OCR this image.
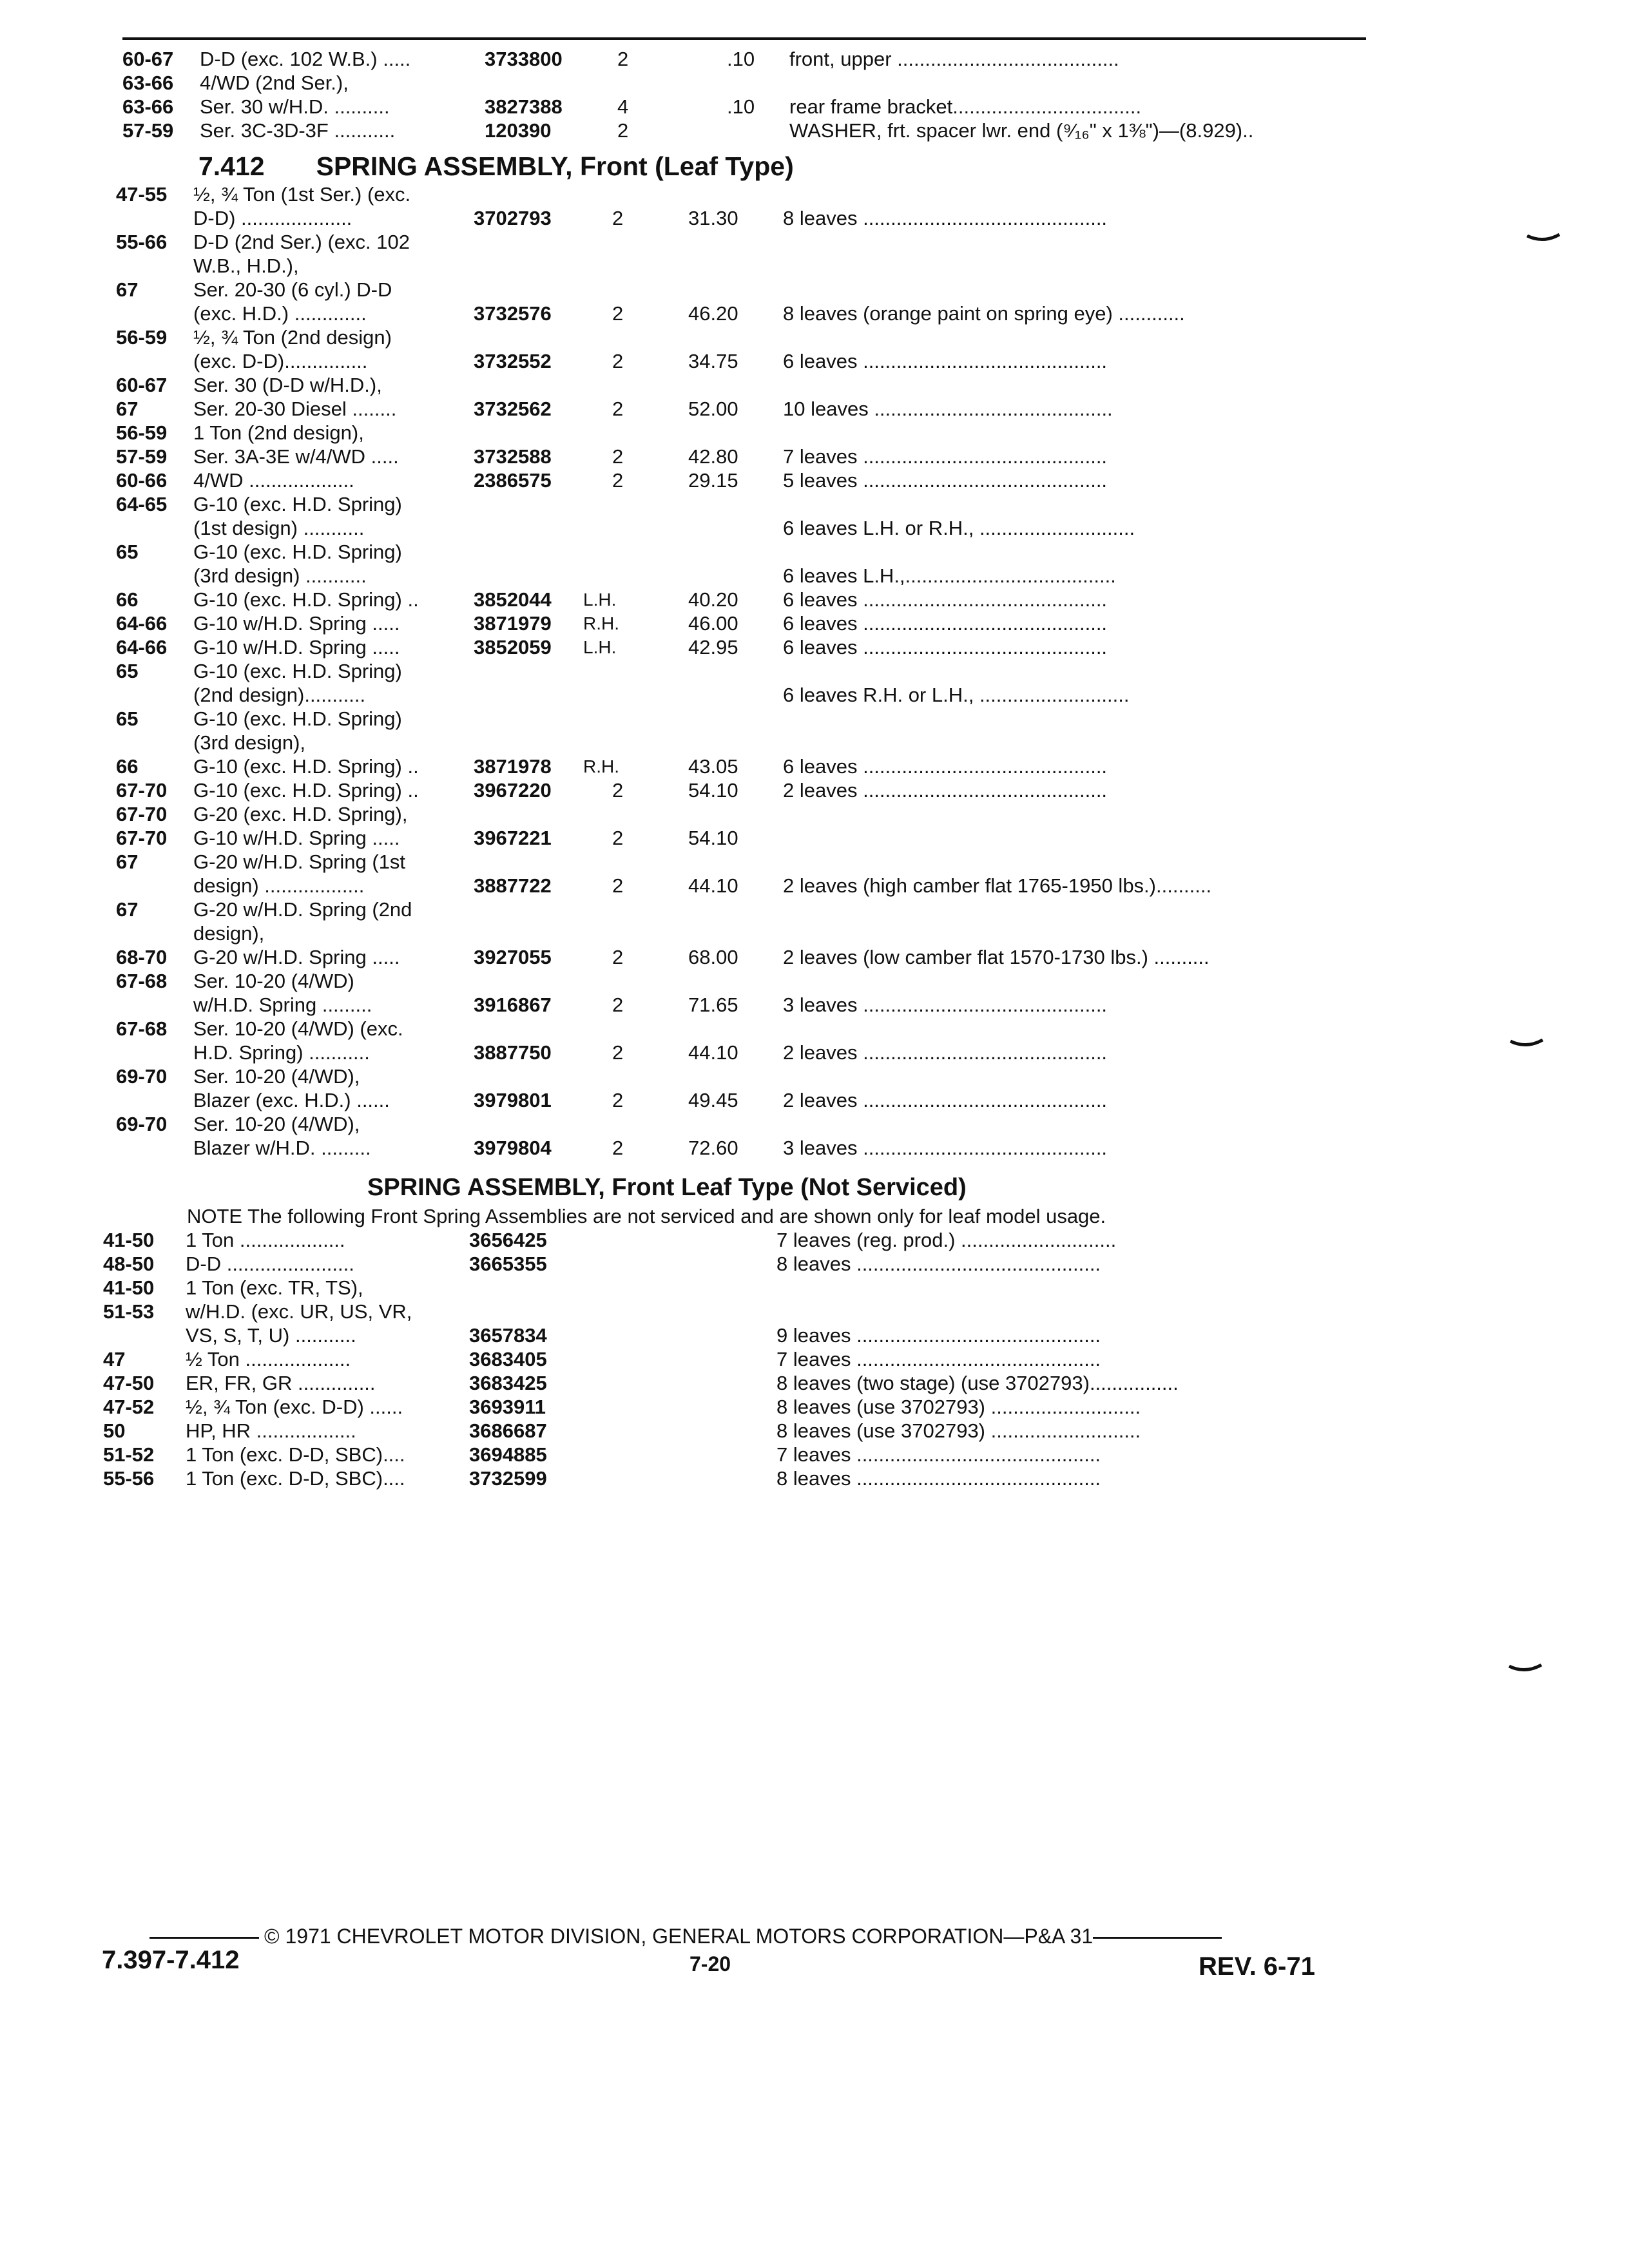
60-67 D-D (exc. 102 W.B.) .....	3733800	2	.10 front, upper ........................................
63-66 4/WD (2nd Ser.),
63-66 Ser. 30 w/H.D. ..........	3827388	4	.10 rear frame bracket..................................
57-59 Ser. 3C-3D-3F ...........	120390	2	WASHER, frt. spacer lwr. end (⁹⁄₁₆" x 1⅜")—(8.929)..
7.412 SPRING ASSEMBLY, Front (Leaf Type)
47-55 ½, ¾ Ton (1st Ser.) (exc.
D-D) ....................	3702793	2	31.30 8 leaves ............................................
55-66 D-D (2nd Ser.) (exc. 102
W.B., H.D.),
67	Ser. 20-30 (6 cyl.) D-D
(exc. H.D.) .............	3732576	2	46.20 8 leaves (orange paint on spring eye) ............
56-59 ½, ¾ Ton (2nd design)
(exc. D-D)...............	3732552	2	34.75 6 leaves ............................................
60-67 Ser. 30 (D-D w/H.D.),
67	Ser. 20-30 Diesel ........	3732562	2	52.00 10 leaves ...........................................
56-59 1 Ton (2nd design),
57-59 Ser. 3A-3E w/4/WD .....	3732588	2	42.80 7 leaves ............................................
60-66 4/WD ...................	2386575	2	29.15 5 leaves ............................................
64-65 G-10 (exc. H.D. Spring)
(1st design) ...........	6 leaves L.H. or R.H., ............................
65	G-10 (exc. H.D. Spring)
(3rd design) ...........	6 leaves L.H.,......................................
66	G-10 (exc. H.D. Spring) ..	3852044 L.H.	40.20 6 leaves ............................................
64-66 G-10 w/H.D. Spring .....	3871979 R.H.	46.00 6 leaves ............................................
64-66 G-10 w/H.D. Spring .....	3852059 L.H.	42.95 6 leaves ............................................
65	G-10 (exc. H.D. Spring)
(2nd design)...........	6 leaves R.H. or L.H., ...........................
65	G-10 (exc. H.D. Spring)
(3rd design),
66	G-10 (exc. H.D. Spring) ..	3871978 R.H.	43.05 6 leaves ............................................
67-70 G-10 (exc. H.D. Spring) ..	3967220	2	54.10 2 leaves ............................................
67-70 G-20 (exc. H.D. Spring),
67-70 G-10 w/H.D. Spring .....	3967221	2	54.10
67	G-20 w/H.D. Spring (1st
design) ..................	3887722	2	44.10 2 leaves (high camber flat 1765-1950 lbs.)..........
67	G-20 w/H.D. Spring (2nd
design),
68-70 G-20 w/H.D. Spring .....	3927055	2	68.00 2 leaves (low camber flat 1570-1730 lbs.) ..........
67-68 Ser. 10-20 (4/WD)
w/H.D. Spring .........	3916867	2	71.65 3 leaves ............................................
67-68 Ser. 10-20 (4/WD) (exc.
H.D. Spring) ...........	3887750	2	44.10 2 leaves ............................................
69-70 Ser. 10-20 (4/WD),
Blazer (exc. H.D.) ......	3979801	2	49.45 2 leaves ............................................
69-70 Ser. 10-20 (4/WD),
Blazer w/H.D. .........	3979804	2	72.60 3 leaves ............................................
SPRING ASSEMBLY, Front Leaf Type (Not Serviced)
NOTE The following Front Spring Assemblies are not serviced and are shown only for leaf model usage.
41-50 1 Ton ...................	3656425	7 leaves (reg. prod.) ............................
48-50 D-D .......................	3665355	8 leaves ............................................
41-50 1 Ton (exc. TR, TS),
51-53 w/H.D. (exc. UR, US, VR,
VS, S, T, U) ...........	3657834	9 leaves ............................................
47	½ Ton ...................	3683405	7 leaves ............................................
47-50 ER, FR, GR ..............	3683425	8 leaves (two stage) (use 3702793)................
47-52 ½, ¾ Ton (exc. D-D) ......	3693911	8 leaves (use 3702793) ...........................
50	HP, HR ..................	3686687	8 leaves (use 3702793) ...........................
51-52 1 Ton (exc. D-D, SBC)....	3694885	7 leaves ............................................
55-56 1 Ton (exc. D-D, SBC)....	3732599	8 leaves ............................................
© 1971 CHEVROLET MOTOR DIVISION, GENERAL MOTORS CORPORATION—P&A 31
7.397-7.412	7-20	REV. 6-71
